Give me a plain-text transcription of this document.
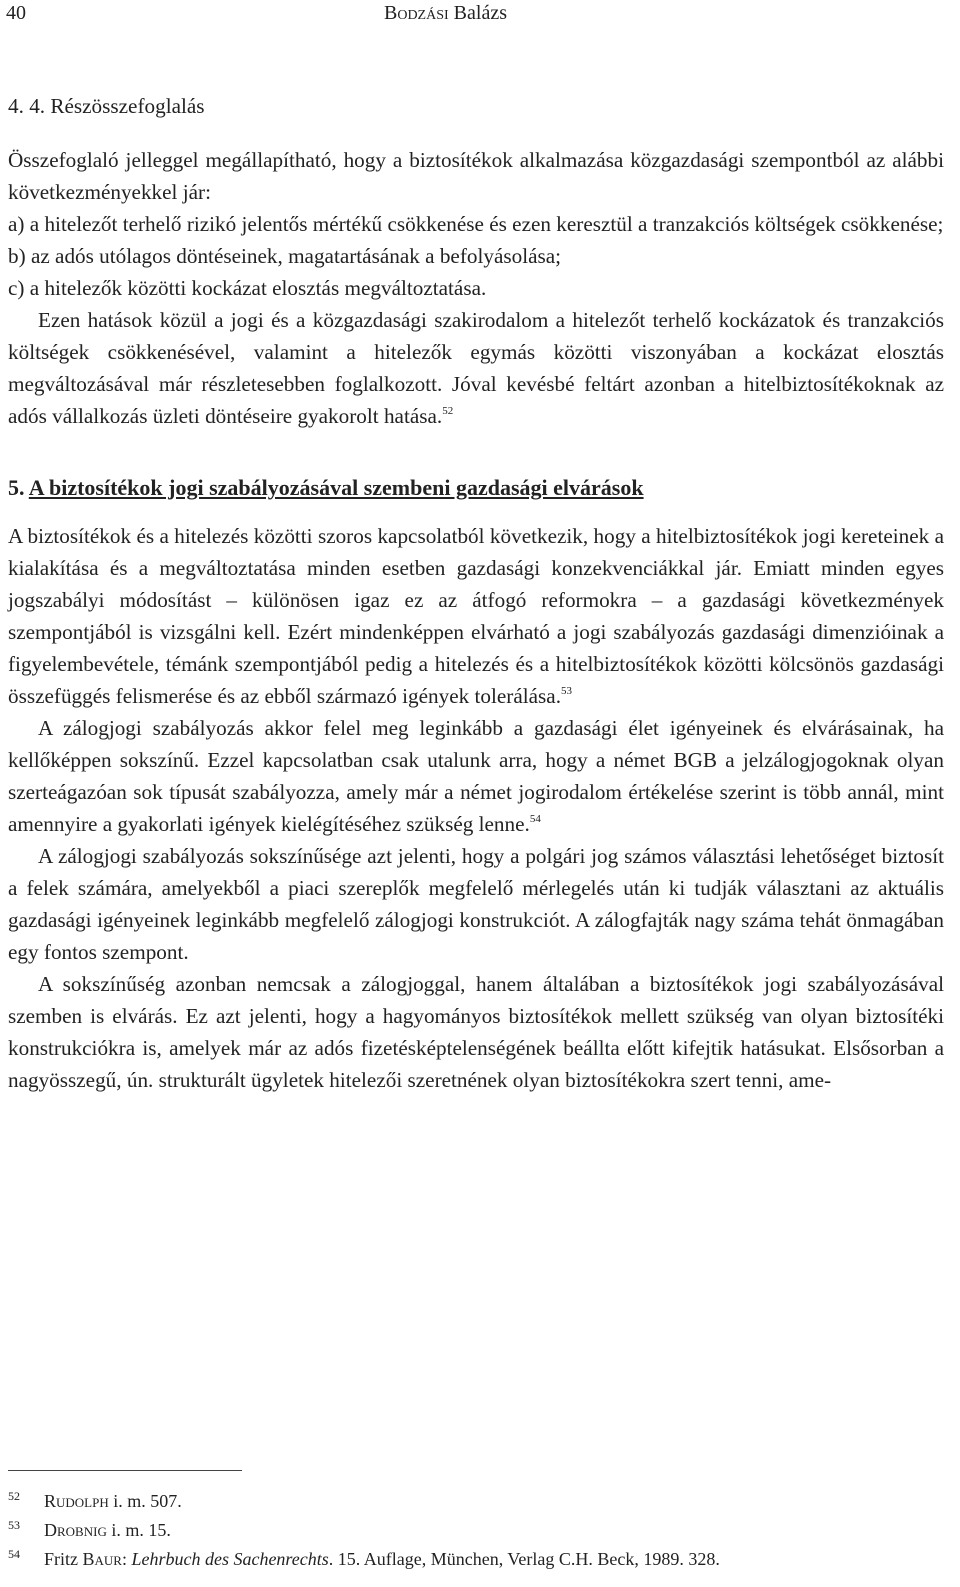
40	Bodzási Balázs
4. 4. Részösszefoglalás

Összefoglaló jelleggel megállapítható, hogy a biztosítékok alkalmazása közgazdasági szempontból az alábbi következményekkel jár:

a) a hitelezőt terhelő rizikó jelentős mértékű csökkenése és ezen keresztül a tranzakciós költségek csökkenése;
b) az adós utólagos döntéseinek, magatartásának a befolyásolása;
c) a hitelezők közötti kockázat elosztás megváltoztatása.

Ezen hatások közül a jogi és a közgazdasági szakirodalom a hitelezőt terhelő kockázatok és tranzakciós költségek csökkenésével, valamint a hitelezők egymás közötti viszonyában a kockázat elosztás megváltozásával már részletesebben foglalkozott. Jóval kevésbé feltárt azonban a hitelbiztosítékoknak az adós vállalkozás üzleti döntéseire gyakorolt hatása.$^{52}$

5. A biztosítékok jogi szabályozásával szembeni gazdasági elvárások

A biztosítékok és a hitelezés közötti szoros kapcsolatból következik, hogy a hitelbiztosítékok jogi kereteinek a kialakítása és a megváltoztatása minden esetben gazdasági konzekvenciákkal jár. Emiatt minden egyes jogszabályi módosítást – különösen igaz ez az átfogó reformokra – a gazdasági következmények szempontjából is vizsgálni kell. Ezért mindenképpen elvárható a jogi szabályozás gazdasági dimenzióinak a figyelembevétele, témánk szempontjából pedig a hitelezés és a hitelbiztosítékok közötti kölcsönös gazdasági összefüggés felismerése és az ebből származó igények tolerálása.$^{53}$

A zálogjogi szabályozás akkor felel meg leginkább a gazdasági élet igényeinek és elvárásainak, ha kellőképpen sokszínű. Ezzel kapcsolatban csak utalunk arra, hogy a német BGB a jelzálogjogoknak olyan szerteágazóan sok típusát szabályozza, amely már a német jogirodalom értékelése szerint is több annál, mint amennyire a gyakorlati igények kielégítéséhez szükség lenne.$^{54}$

A zálogjogi szabályozás sokszínűsége azt jelenti, hogy a polgári jog számos választási lehetőséget biztosít a felek számára, amelyekből a piaci szereplők megfelelő mérlegelés után ki tudják választani az aktuális gazdasági igényeinek leginkább megfelelő zálogjogi konstrukciót. A zálogfajták nagy száma tehát önmagában egy fontos szempont.

A sokszínűség azonban nemcsak a zálogjoggal, hanem általában a biztosítékok jogi szabályozásával szemben is elvárás. Ez azt jelenti, hogy a hagyományos biztosítékok mellett szükség van olyan biztosítéki konstrukciókra is, amelyek már az adós fizetésképtelenségének beállta előtt kifejtik hatásukat. Elsősorban a nagyösszegű, ún. strukturált ügyletek hitelezői szeretnének olyan biztosítékokra szert tenni, ame-

52 Rudolph i. m. 507.
53 Drobnig i. m. 15.
54 Fritz Baur: Lehrbuch des Sachenrechts. 15. Auflage, München, Verlag C.H. Beck, 1989. 328.
